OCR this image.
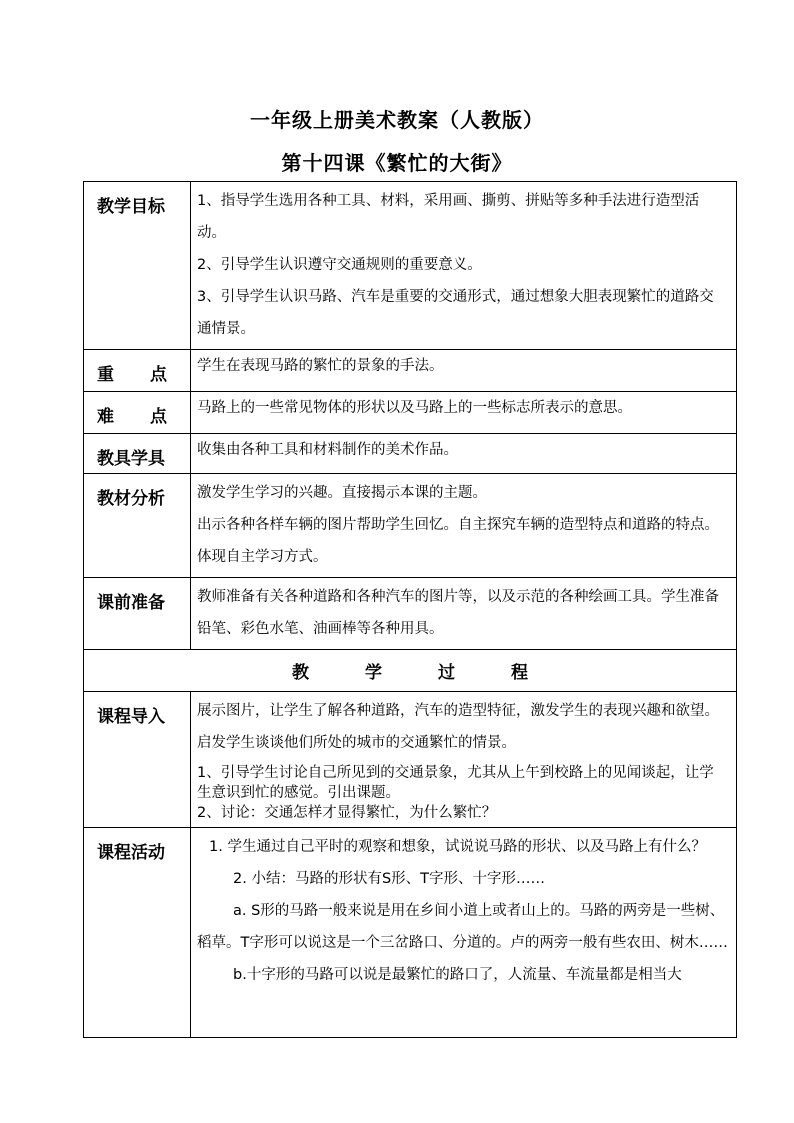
一年级上册美术教案（人教版）
第十四课《繁忙的大街》
教学目标	1、指导学生选用各种工具、材料，采用画、撕剪、拼贴等多种手法进行造型活动。

2、引导学生认识遵守交通规则的重要意义。

3、引导学生认识马路、汽车是重要的交通形式，通过想象大胆表现繁忙的道路交通情景。

重 点	学生在表现马路的繁忙的景象的手法。

难 点	马路上的一些常见物体的形状以及马路上的一些标志所表示的意思。

教具学具	收集由各种工具和材料制作的美术作品。

教材分析	激发学生学习的兴趣。直接揭示本课的主题。

出示各种各样车辆的图片帮助学生回忆。自主探究车辆的造型特点和道路的特点。体现自主学习方式。

课前准备	教师准备有关各种道路和各种汽车的图片等，以及示范的各种绘画工具。学生准备铅笔、彩色水笔、油画棒等各种用具。

教 学 过 程	
课程导入	展示图片，让学生了解各种道路，汽车的造型特征，激发学生的表现兴趣和欲望。启发学生谈谈他们所处的城市的交通繁忙的情景。

1、引导学生讨论自己所见到的交通景象，尤其从上午到校路上的见闻谈起，让学生意识到忙的感觉。引出课题。

2、讨论：交通怎样才显得繁忙，为什么繁忙？

课程活动	1. 学生通过自己平时的观察和想象，试说说马路的形状、以及马路上有什么？

2. 小结：马路的形状有S形、T字形、十字形……

a. S形的马路一般来说是用在乡间小道上或者山上的。马路的两旁是一些树、稻草。T字形可以说这是一个三岔路口、分道的。卢的两旁一般有些农田、树木……

b.十字形的马路可以说是最繁忙的路口了，人流量、车流量都是相当大
